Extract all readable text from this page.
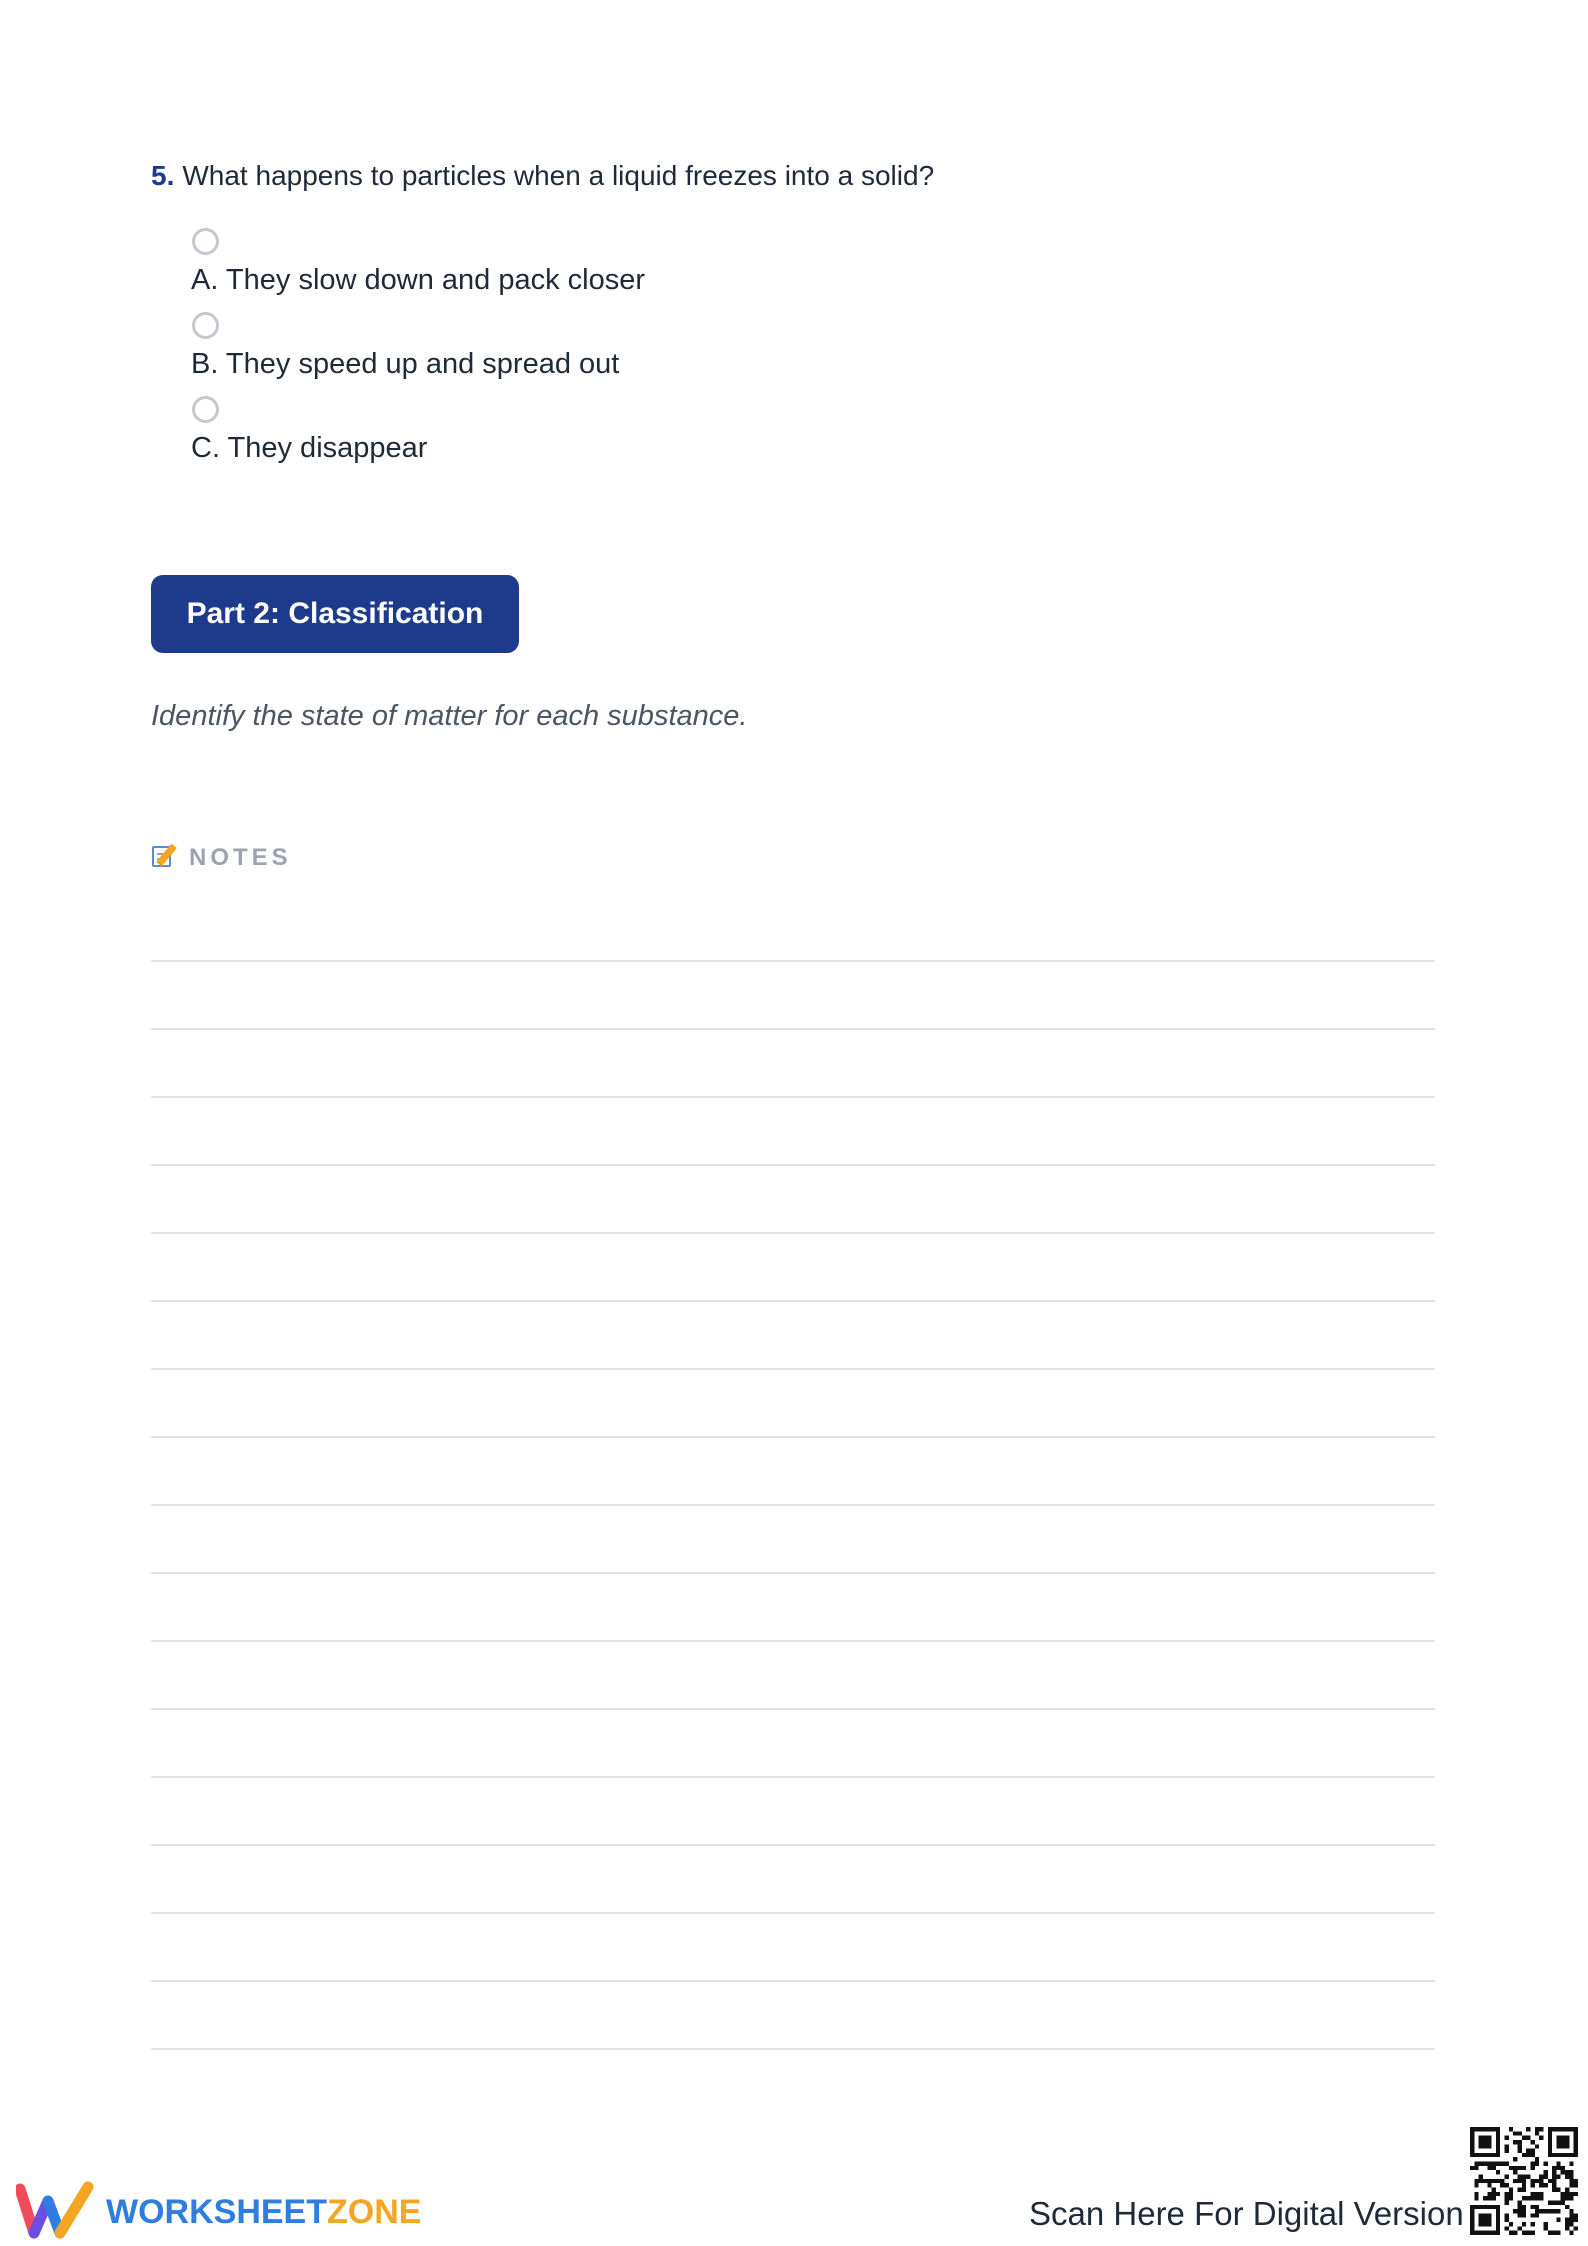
5. What happens to particles when a liquid freezes into a solid?
A. They slow down and pack closer
B. They speed up and spread out
C. They disappear
Part 2: Classification
Identify the state of matter for each substance.
NOTES
WORKSHEETZONE	Scan Here For Digital Version
